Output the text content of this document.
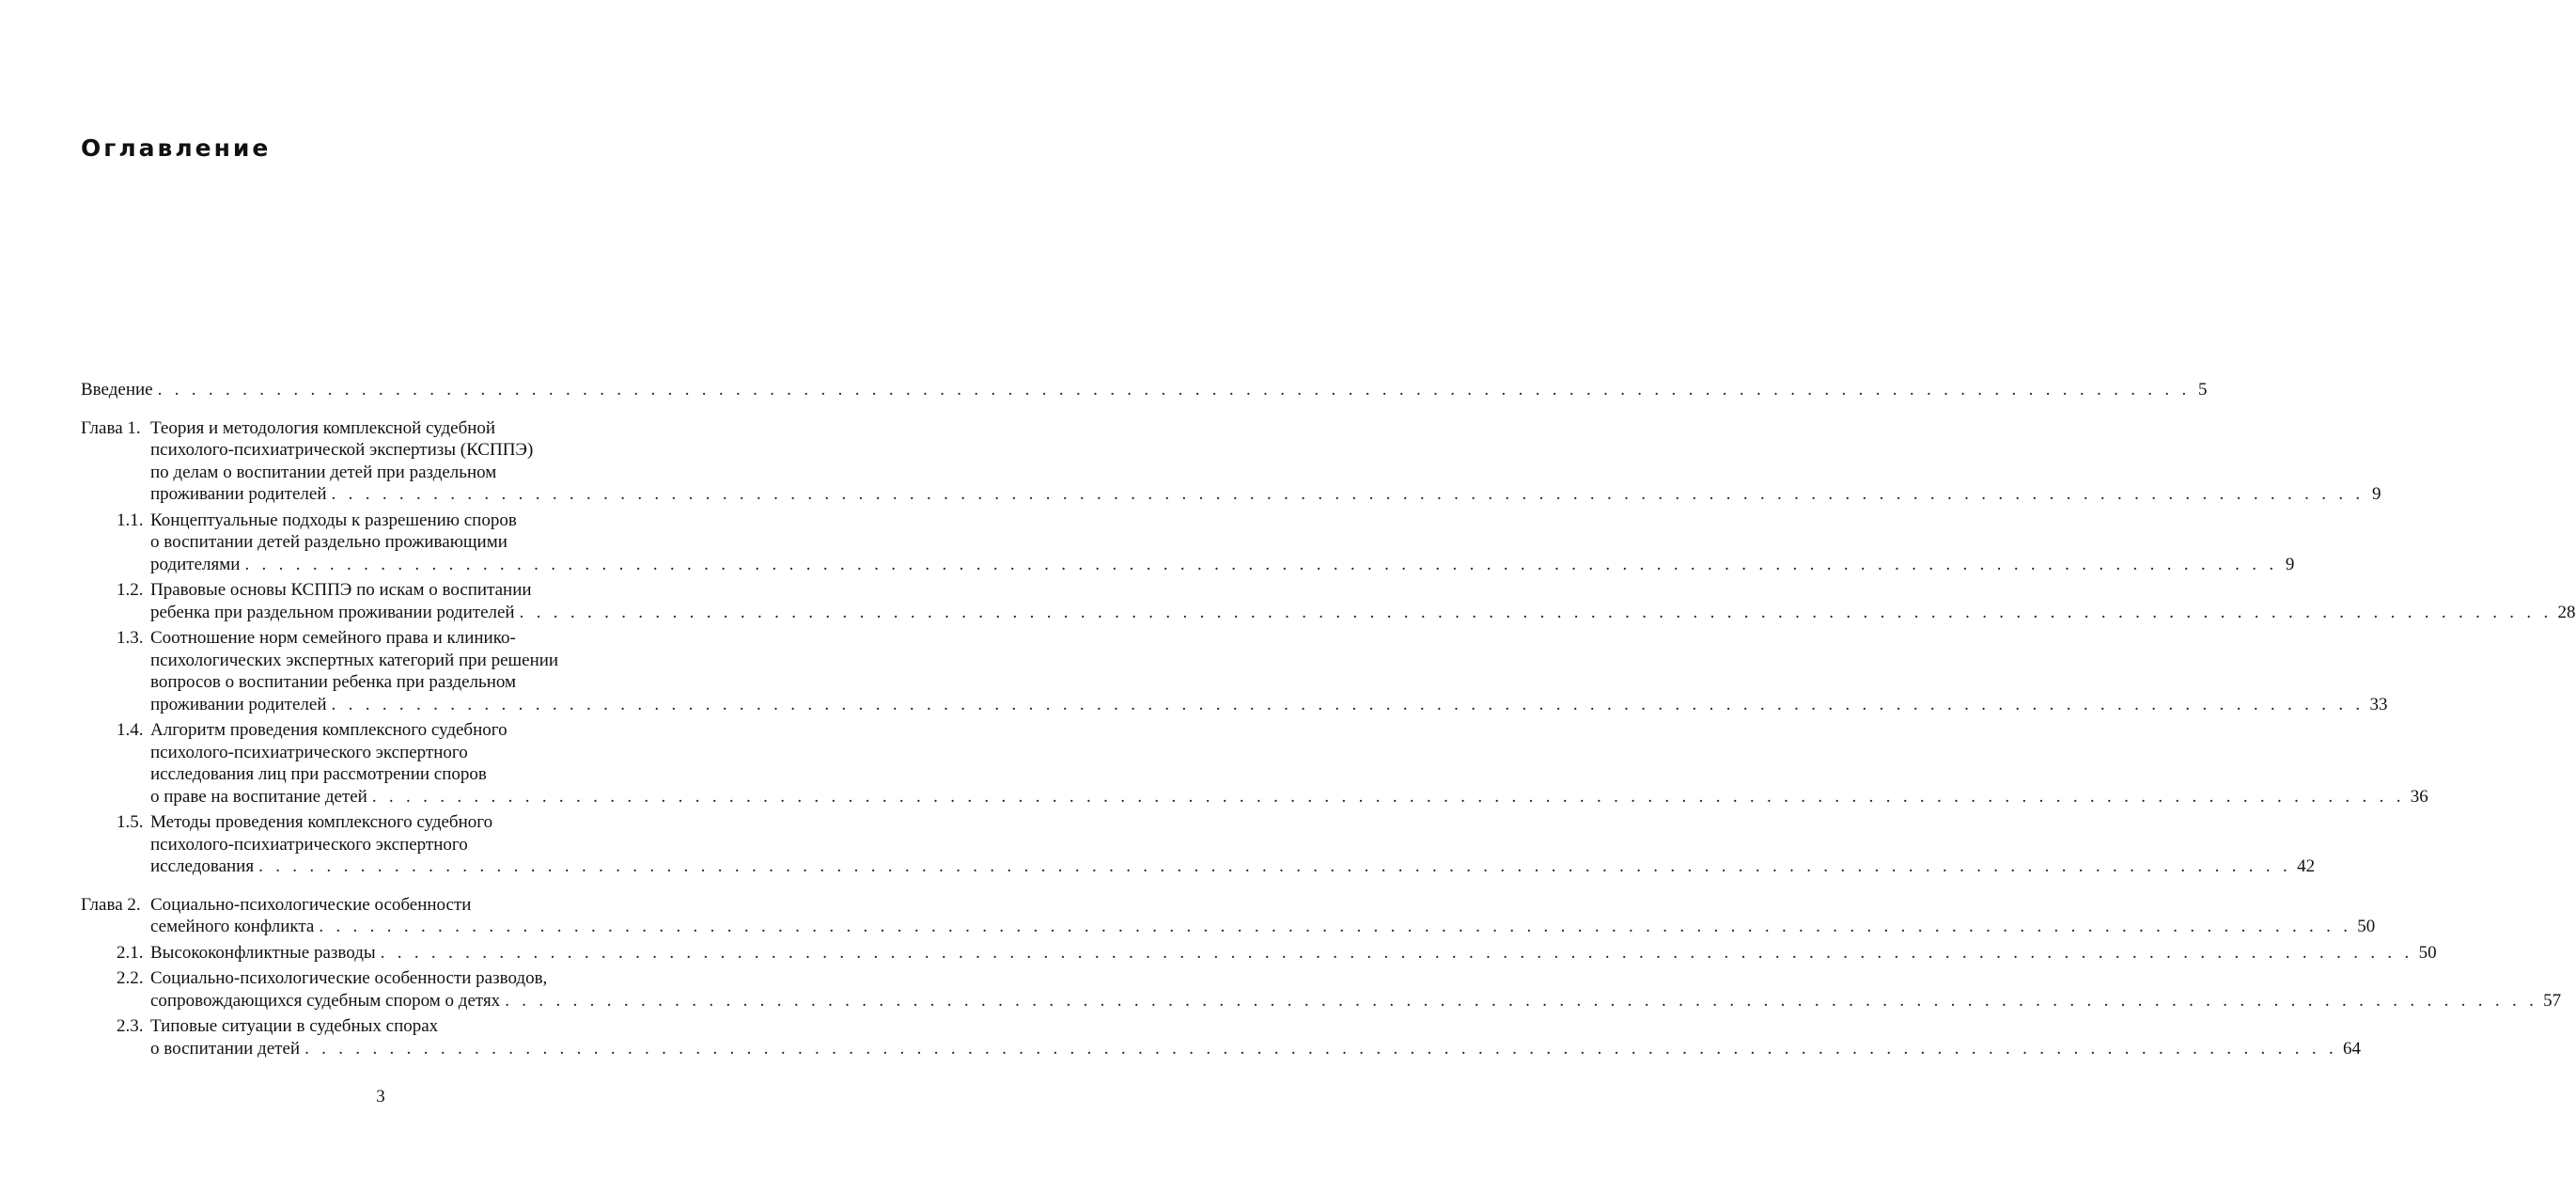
Оглавление
Введение . . . . . . . . . . . . . . . . . . . . . . . . . . . . . . . . . . . . . . . . . . . . . . . . . . . . . . . . . . . . . . . . . . . . . . . . . . . . . . . . . . . . . . . . . . . . . . . . . . . . . . . . . . . . . . . . . . . . . . . . 5
Глава 1. Теория и методология комплексной судебной
психолого-психиатрической экспертизы (КСППЭ)
по делам о воспитании детей при раздельном
проживании родителей . . . . . . . . . . . . . . . . . . . . . . . . . . . . . . . . . . . . . . . . . . . . . . . . . . . . . . . . . . . . . . . . . . . . . . . . . . . . . . . . . . . . . . . . . . . . . . . . . . . . . . . . . . . . . . . . . . . . . . . . 9
1.1. Концептуальные подходы к разрешению споров
о воспитании детей раздельно проживающими
родителями . . . . . . . . . . . . . . . . . . . . . . . . . . . . . . . . . . . . . . . . . . . . . . . . . . . . . . . . . . . . . . . . . . . . . . . . . . . . . . . . . . . . . . . . . . . . . . . . . . . . . . . . . . . . . . . . . . . . . . . . 9
1.2. Правовые основы КСППЭ по искам о воспитании
ребенка при раздельном проживании родителей . . . . . . . . . . . . . . . . . . . . . . . . . . . . . . . . . . . . . . . . . . . . . . . . . . . . . . . . . . . . . . . . . . . . . . . . . . . . . . . . . . . . . . . . . . . . . . . . . . . . . . . . . . . . . . . . . . . . . . . . 28
1.3. Соотношение норм семейного права и клинико-
психологических экспертных категорий при решении
вопросов о воспитании ребенка при раздельном
проживании родителей . . . . . . . . . . . . . . . . . . . . . . . . . . . . . . . . . . . . . . . . . . . . . . . . . . . . . . . . . . . . . . . . . . . . . . . . . . . . . . . . . . . . . . . . . . . . . . . . . . . . . . . . . . . . . . . . . . . . . . . . 33
1.4. Алгоритм проведения комплексного судебного
психолого-психиатрического экспертного
исследования лиц при рассмотрении споров
о праве на воспитание детей . . . . . . . . . . . . . . . . . . . . . . . . . . . . . . . . . . . . . . . . . . . . . . . . . . . . . . . . . . . . . . . . . . . . . . . . . . . . . . . . . . . . . . . . . . . . . . . . . . . . . . . . . . . . . . . . . . . . . . . . 36
1.5. Методы проведения комплексного судебного
психолого-психиатрического экспертного
исследования . . . . . . . . . . . . . . . . . . . . . . . . . . . . . . . . . . . . . . . . . . . . . . . . . . . . . . . . . . . . . . . . . . . . . . . . . . . . . . . . . . . . . . . . . . . . . . . . . . . . . . . . . . . . . . . . . . . . . . . . 42
Глава 2. Социально-психологические особенности
семейного конфликта . . . . . . . . . . . . . . . . . . . . . . . . . . . . . . . . . . . . . . . . . . . . . . . . . . . . . . . . . . . . . . . . . . . . . . . . . . . . . . . . . . . . . . . . . . . . . . . . . . . . . . . . . . . . . . . . . . . . . . . . 50
2.1. Высококонфликтные разводы . . . . . . . . . . . . . . . . . . . . . . . . . . . . . . . . . . . . . . . . . . . . . . . . . . . . . . . . . . . . . . . . . . . . . . . . . . . . . . . . . . . . . . . . . . . . . . . . . . . . . . . . . . . . . . . . . . . . . . . . 50
2.2. Социально-психологические особенности разводов,
сопровождающихся судебным спором о детях . . . . . . . . . . . . . . . . . . . . . . . . . . . . . . . . . . . . . . . . . . . . . . . . . . . . . . . . . . . . . . . . . . . . . . . . . . . . . . . . . . . . . . . . . . . . . . . . . . . . . . . . . . . . . . . . . . . . . . . . 57
2.3. Типовые ситуации в судебных спорах
о воспитании детей . . . . . . . . . . . . . . . . . . . . . . . . . . . . . . . . . . . . . . . . . . . . . . . . . . . . . . . . . . . . . . . . . . . . . . . . . . . . . . . . . . . . . . . . . . . . . . . . . . . . . . . . . . . . . . . . . . . . . . . . 64
3
